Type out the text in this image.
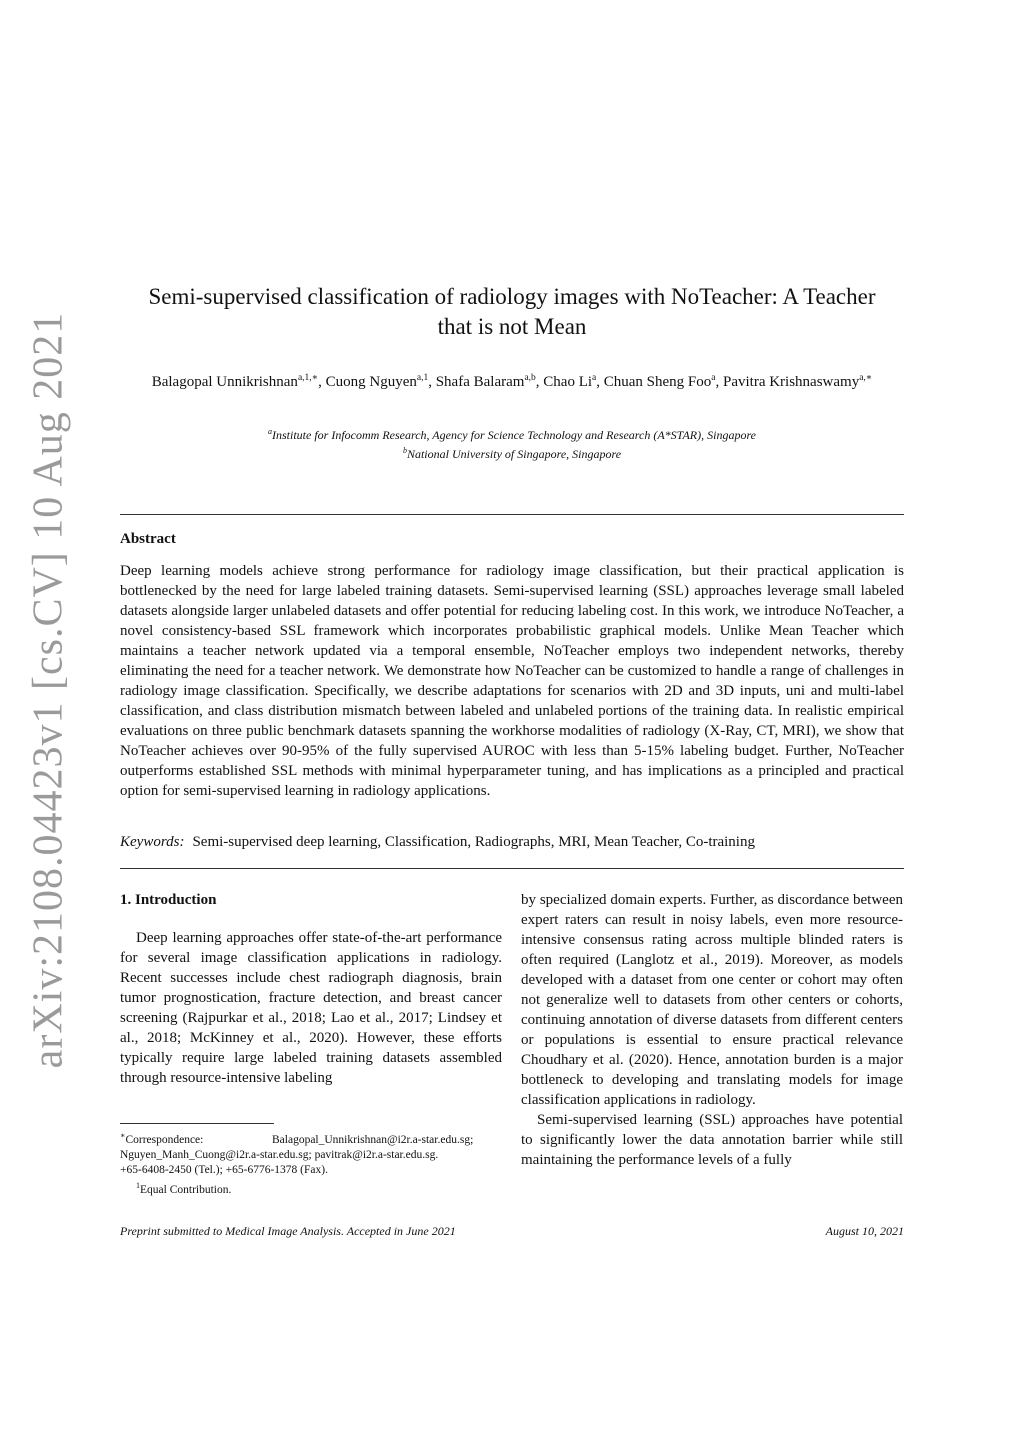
arXiv:2108.04423v1 [cs.CV] 10 Aug 2021
Semi-supervised classification of radiology images with NoTeacher: A Teacher
that is not Mean
Balagopal Unnikrishnan$^{a,1,∗}$, Cuong Nguyen$^{a,1}$, Shafa Balaram$^{a,b}$, Chao Li$^a$, Chuan Sheng Foo$^a$, Pavitra Krishnaswamy$^{a,∗}$
$^a$Institute for Infocomm Research, Agency for Science Technology and Research (A*STAR), Singapore
$^b$National University of Singapore, Singapore
Abstract
Deep learning models achieve strong performance for radiology image classification, but their practical application is bottlenecked by the need for large labeled training datasets. Semi-supervised learning (SSL) approaches leverage small labeled datasets alongside larger unlabeled datasets and offer potential for reducing labeling cost. In this work, we introduce NoTeacher, a novel consistency-based SSL framework which incorporates probabilistic graphical models. Unlike Mean Teacher which maintains a teacher network updated via a temporal ensemble, NoTeacher employs two independent networks, thereby eliminating the need for a teacher network. We demonstrate how NoTeacher can be customized to handle a range of challenges in radiology image classification. Specifically, we describe adaptations for scenarios with 2D and 3D inputs, uni and multi-label classification, and class distribution mismatch between labeled and unlabeled portions of the training data. In realistic empirical evaluations on three public benchmark datasets spanning the workhorse modalities of radiology (X-Ray, CT, MRI), we show that NoTeacher achieves over 90-95% of the fully supervised AUROC with less than 5-15% labeling budget. Further, NoTeacher outperforms established SSL methods with minimal hyperparameter tuning, and has implications as a principled and practical option for semi-supervised learning in radiology applications.
Keywords: Semi-supervised deep learning, Classification, Radiographs, MRI, Mean Teacher, Co-training
1. Introduction

Deep learning approaches offer state-of-the-art performance for several image classification applications in radiology. Recent successes include chest radiograph diagnosis, brain tumor prognostication, fracture detection, and breast cancer screening (Rajpurkar et al., 2018; Lao et al., 2017; Lindsey et al., 2018; McKinney et al., 2020). However, these efforts typically require large labeled training datasets assembled through resource-intensive labeling

by specialized domain experts. Further, as discordance between expert raters can result in noisy labels, even more resource-intensive consensus rating across multiple blinded raters is often required (Langlotz et al., 2019). Moreover, as models developed with a dataset from one center or cohort may often not generalize well to datasets from other centers or cohorts, continuing annotation of diverse datasets from different centers or populations is essential to ensure practical relevance Choudhary et al. (2020). Hence, annotation burden is a major bottleneck to developing and translating models for image classification applications in radiology.

Semi-supervised learning (SSL) approaches have potential to significantly lower the data annotation barrier while still maintaining the performance levels of a fully

∗Correspondence:	Balagopal_Unnikrishnan@i2r.a-star.edu.sg;
Nguyen_Manh_Cuong@i2r.a-star.edu.sg; pavitrak@i2r.a-star.edu.sg.
+65-6408-2450 (Tel.); +65-6776-1378 (Fax).
$^1$Equal Contribution.
Preprint submitted to Medical Image Analysis. Accepted in June 2021	August 10, 2021
